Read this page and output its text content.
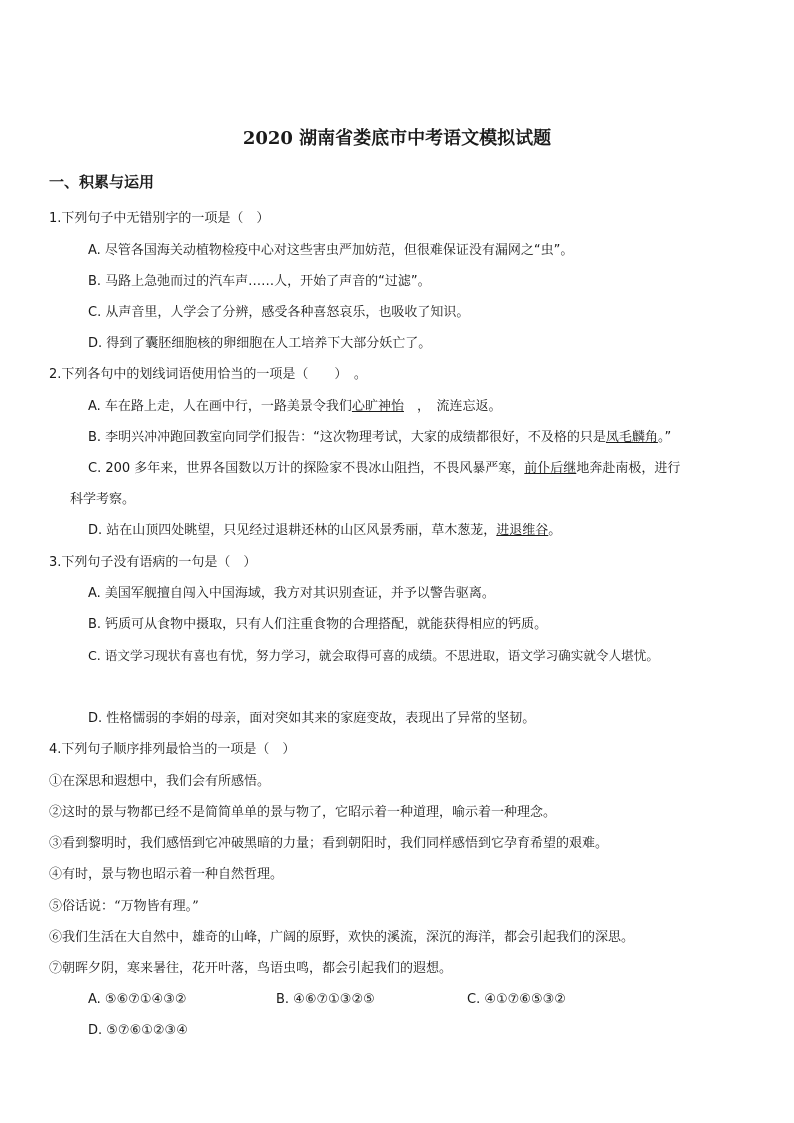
2020 湖南省娄底市中考语文模拟试题
一、积累与运用
1.下列句子中无错别字的一项是（　）
A. 尽管各国海关动植物检疫中心对这些害虫严加妨范，但很难保证没有漏网之“虫”。
B. 马路上急弛而过的汽车声……人，开始了声音的“过滤”。
C. 从声音里，人学会了分辨，感受各种喜怒哀乐，也吸收了知识。
D. 得到了囊胚细胞核的卵细胞在人工培养下大部分妖亡了。
2.下列各句中的划线词语使用恰当的一项是（　　）　。
A. 车在路上走，人在画中行，一路美景令我们心旷神怡　，　流连忘返。
B. 李明兴冲冲跑回教室向同学们报告：“这次物理考试，大家的成绩都很好，不及格的只是凤毛麟角。”
C. 200 多年来，世界各国数以万计的探险家不畏冰山阻挡，不畏风暴严寒，前仆后继地奔赴南极，进行
科学考察。
D. 站在山顶四处眺望，只见经过退耕还林的山区风景秀丽，草木葱茏，进退维谷。
3.下列句子没有语病的一句是（　）
A. 美国军舰擅自闯入中国海域，我方对其识别查证，并予以警告驱离。
B. 钙质可从食物中摄取，只有人们注重食物的合理搭配，就能获得相应的钙质。
C. 语文学习现状有喜也有忧，努力学习，就会取得可喜的成绩。不思进取，语文学习确实就令人堪忧。
D. 性格懦弱的李娟的母亲，面对突如其来的家庭变故，表现出了异常的坚韧。
4.下列句子顺序排列最恰当的一项是（　）
①在深思和遐想中，我们会有所感悟。
②这时的景与物都已经不是简简单单的景与物了，它昭示着一种道理，喻示着一种理念。
③看到黎明时，我们感悟到它冲破黑暗的力量；看到朝阳时，我们同样感悟到它孕育希望的艰难。
④有时，景与物也昭示着一种自然哲理。
⑤俗话说：“万物皆有理。”
⑥我们生活在大自然中，雄奇的山峰，广阔的原野，欢快的溪流，深沉的海洋，都会引起我们的深思。
⑦朝晖夕阴，寒来暑往，花开叶落，鸟语虫鸣，都会引起我们的遐想。
A. ⑤⑥⑦①④③②	B. ④⑥⑦①③②⑤	C. ④①⑦⑥⑤③②
D. ⑤⑦⑥①②③④
